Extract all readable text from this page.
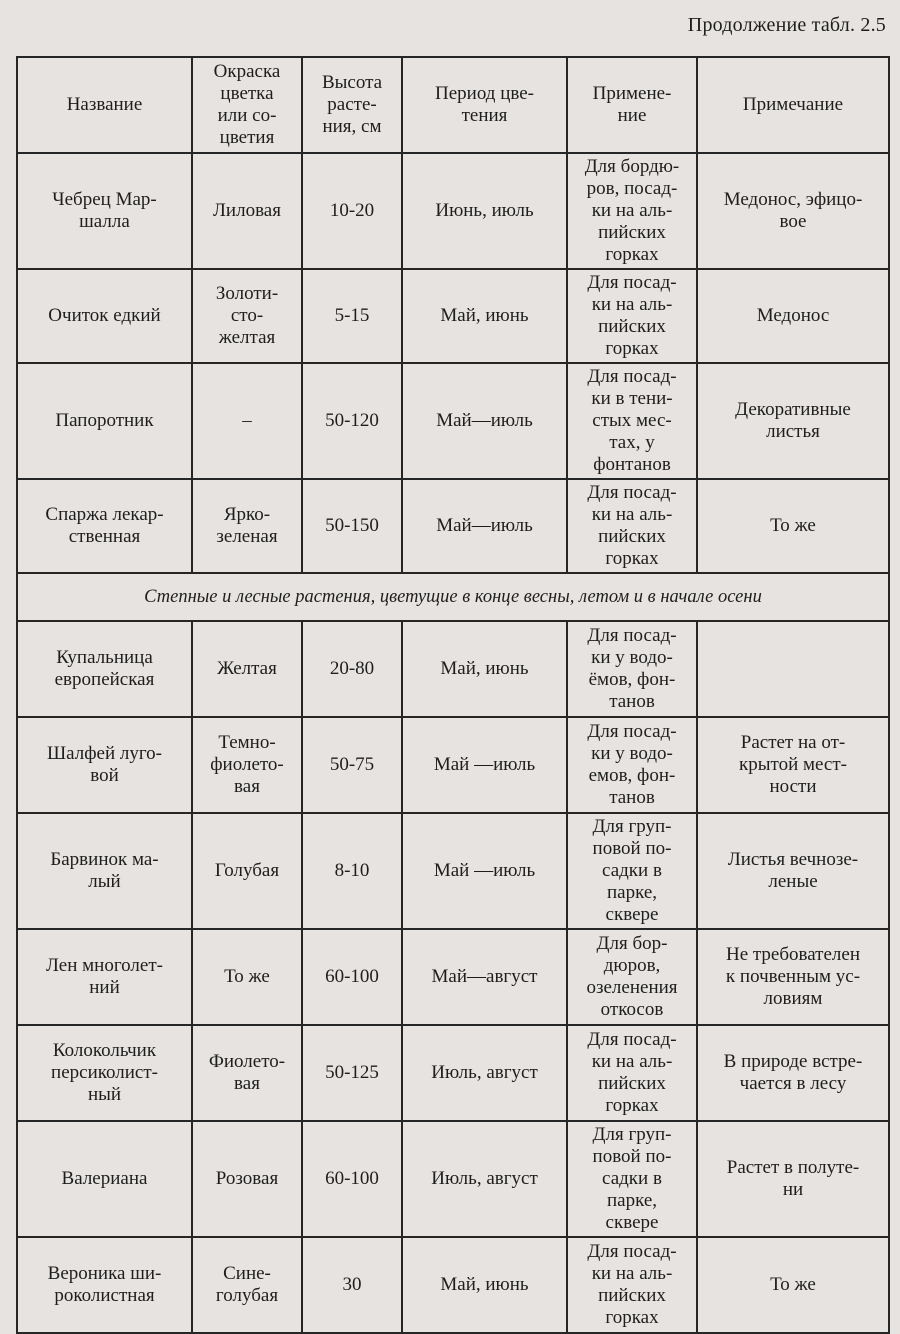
Продолжение табл. 2.5
Название	Окраска
цветка
или со-
цветия	Высота
расте-
ния, см	Период цве-
тения	Примене-
ние	Примечание
Чебрец Мар-
шалла	Лиловая	10-20	Июнь, июль	Для бордю-
ров, посад-
ки на аль-
пийских
горках	Медонос, эфицо-
вое
Очиток едкий	Золоти-
сто-
желтая	5-15	Май, июнь	Для посад-
ки на аль-
пийских
горках	Медонос
Папоротник	–	50-120	Май—июль	Для посад-
ки в тени-
стых мес-
тах, у
фонтанов	Декоративные
листья
Спаржа лекар-
ственная	Ярко-
зеленая	50-150	Май—июль	Для посад-
ки на аль-
пийских
горках	То же
Степные и лесные растения, цветущие в конце весны, летом и в начале осени					
Купальница
европейская	Желтая	20-80	Май, июнь	Для посад-
ки у водо-
ёмов, фон-
танов	
Шалфей луго-
вой	Темно-
фиолето-
вая	50-75	Май —июль	Для посад-
ки у водо-
емов, фон-
танов	Растет на от-
крытой мест-
ности
Барвинок ма-
лый	Голубая	8-10	Май —июль	Для груп-
повой по-
садки в
парке,
сквере	Листья вечнозе-
леные
Лен многолет-
ний	То же	60-100	Май—август	Для бор-
дюров,
озеленения
откосов	Не требователен
к почвенным ус-
ловиям
Колокольчик
персиколист-
ный	Фиолето-
вая	50-125	Июль, август	Для посад-
ки на аль-
пийских
горках	В природе встре-
чается в лесу
Валериана	Розовая	60-100	Июль, август	Для груп-
повой по-
садки в
парке,
сквере	Растет в полуте-
ни
Вероника ши-
роколистная	Сине-
голубая	30	Май, июнь	Для посад-
ки на аль-
пийских
горках	То же
